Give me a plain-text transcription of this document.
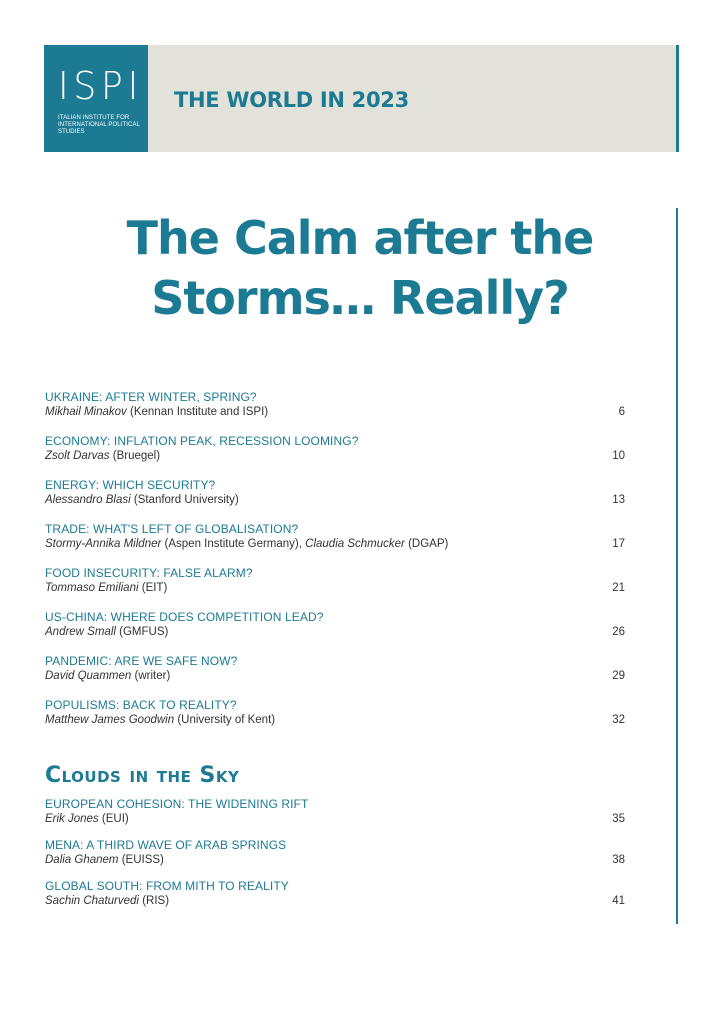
ISPI
ITALIAN INSTITUTE FOR INTERNATIONAL POLITICAL STUDIES
THE WORLD IN 2023
The Calm after the Storms… Really?
UKRAINE: AFTER WINTER, SPRING?
Mikhail Minakov (Kennan Institute and ISPI)	6
ECONOMY: INFLATION PEAK, RECESSION LOOMING?
Zsolt Darvas (Bruegel)	10
ENERGY: WHICH SECURITY?
Alessandro Blasi (Stanford University)	13
TRADE: WHAT'S LEFT OF GLOBALISATION?
Stormy-Annika Mildner (Aspen Institute Germany), Claudia Schmucker (DGAP)	17
FOOD INSECURITY: FALSE ALARM?
Tommaso Emiliani (EIT)	21
US-CHINA: WHERE DOES COMPETITION LEAD?
Andrew Small (GMFUS)	26
PANDEMIC: ARE WE SAFE NOW?
David Quammen (writer)	29
POPULISMS: BACK TO REALITY?
Matthew James Goodwin (University of Kent)	32
Clouds in the Sky
EUROPEAN COHESION: THE WIDENING RIFT
Erik Jones (EUI)	35
MENA: A THIRD WAVE OF ARAB SPRINGS
Dalia Ghanem (EUISS)	38
GLOBAL SOUTH: FROM MITH TO REALITY
Sachin Chaturvedi (RIS)	41
